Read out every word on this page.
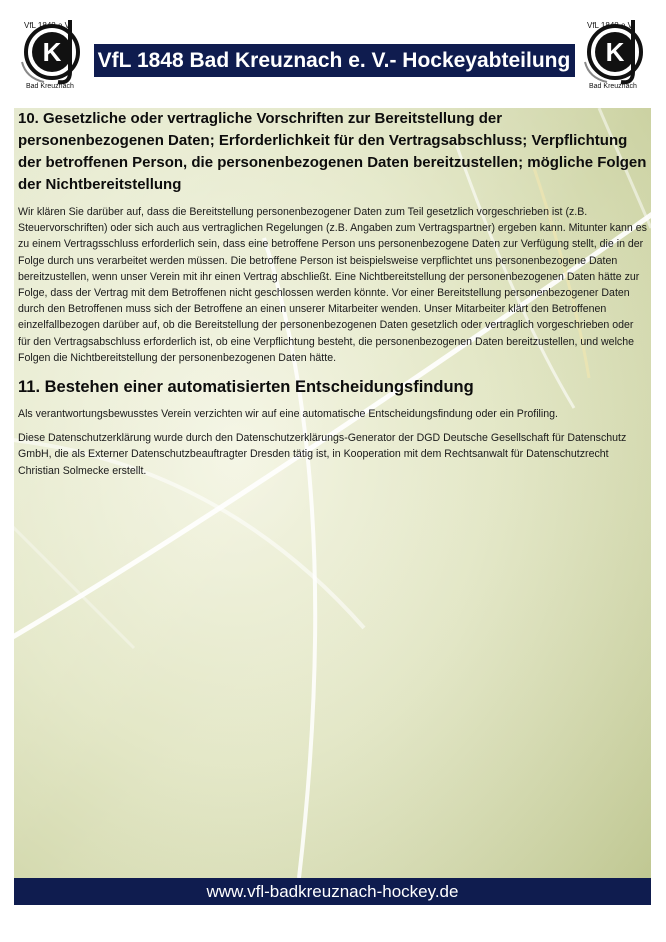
VfL 1848 Bad Kreuznach e. V.- Hockeyabteilung
K
VfL 1848 e.V.
Bad Kreuznach
K
VfL 1848 e.V.
Bad Kreuznach
10. Gesetzliche oder vertragliche Vorschriften zur Bereitstellung der personenbezogenen Daten; Erforderlichkeit für den Vertragsabschluss; Verpflichtung der betroffenen Person, die personenbezogenen Daten bereitzustellen; mögliche Folgen der Nichtbereitstellung

Wir klären Sie darüber auf, dass die Bereitstellung personenbezogener Daten zum Teil gesetzlich vorgeschrieben ist (z.B. Steuervorschriften) oder sich auch aus vertraglichen Regelungen (z.B. Angaben zum Vertragspartner) ergeben kann. Mitunter kann es zu einem Vertragsschluss erforderlich sein, dass eine betroffene Person uns personenbezogene Daten zur Verfügung stellt, die in der Folge durch uns verarbeitet werden müssen. Die betroffene Person ist beispielsweise verpflichtet uns personenbezogene Daten bereitzustellen, wenn unser Verein mit ihr einen Vertrag abschließt. Eine Nichtbereitstellung der personenbezogenen Daten hätte zur Folge, dass der Vertrag mit dem Betroffenen nicht geschlossen werden könnte. Vor einer Bereitstellung personenbezogener Daten durch den Betroffenen muss sich der Betroffene an einen unserer Mitarbeiter wenden. Unser Mitarbeiter klärt den Betroffenen einzelfallbezogen darüber auf, ob die Bereitstellung der personenbezogenen Daten gesetzlich oder vertraglich vorgeschrieben oder für den Vertragsabschluss erforderlich ist, ob eine Verpflichtung besteht, die personenbezogenen Daten bereitzustellen, und welche Folgen die Nichtbereitstellung der personenbezogenen Daten hätte.

11. Bestehen einer automatisierten Entscheidungsfindung

Als verantwortungsbewusstes Verein verzichten wir auf eine automatische Entscheidungsfindung oder ein Profiling.

Diese Datenschutzerklärung wurde durch den Datenschutzerklärungs-Generator der DGD Deutsche Gesellschaft für Datenschutz GmbH, die als Externer Datenschutzbeauftragter Dresden tätig ist, in Kooperation mit dem Rechtsanwalt für Datenschutzrecht Christian Solmecke erstellt.

www.vfl-badkreuznach-hockey.de
